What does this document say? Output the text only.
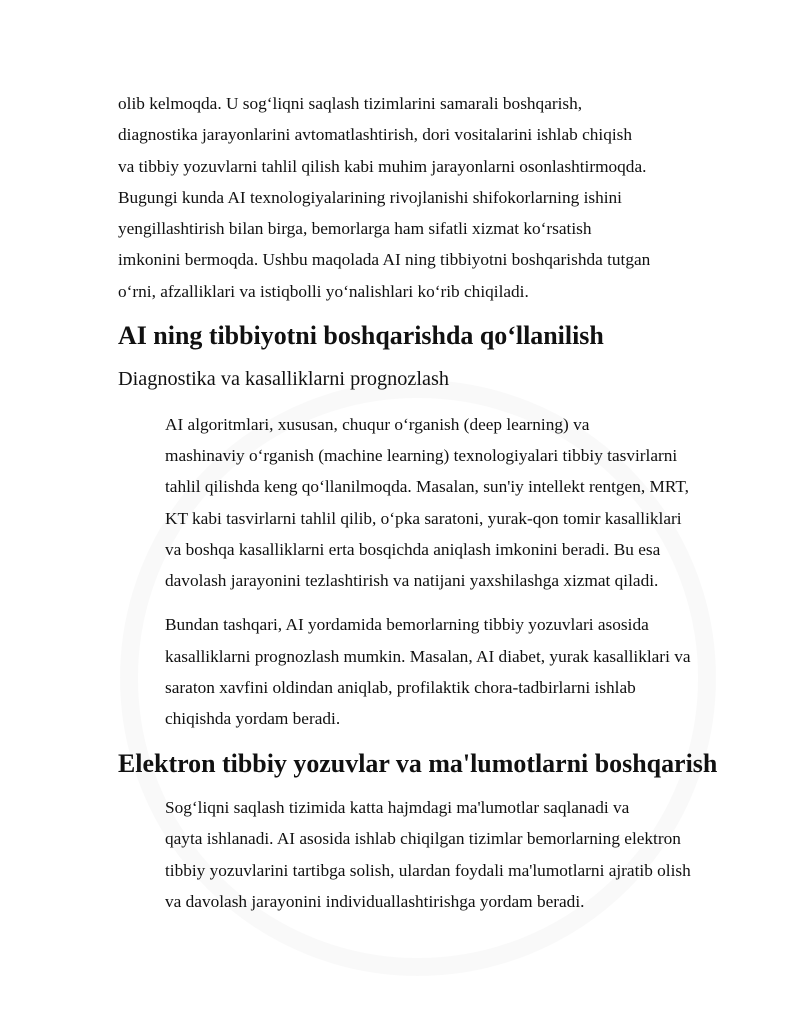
olib kelmoqda. U sog‘liqni saqlash tizimlarini samarali boshqarish,
diagnostika jarayonlarini avtomatlashtirish, dori vositalarini ishlab chiqish
va tibbiy yozuvlarni tahlil qilish kabi muhim jarayonlarni osonlashtirmoqda.
Bugungi kunda AI texnologiyalarining rivojlanishi shifokorlarning ishini
yengillashtirish bilan birga, bemorlarga ham sifatli xizmat ko‘rsatish
imkonini bermoqda. Ushbu maqolada AI ning tibbiyotni boshqarishda tutgan
o‘rni, afzalliklari va istiqbolli yo‘nalishlari ko‘rib chiqiladi.

AI ning tibbiyotni boshqarishda qo‘llanilish
Diagnostika va kasalliklarni prognozlash

AI algoritmlari, xususan, chuqur o‘rganish (deep learning) va
mashinaviy o‘rganish (machine learning) texnologiyalari tibbiy tasvirlarni
tahlil qilishda keng qo‘llanilmoqda. Masalan, sun'iy intellekt rentgen, MRT,
KT kabi tasvirlarni tahlil qilib, o‘pka saratoni, yurak-qon tomir kasalliklari
va boshqa kasalliklarni erta bosqichda aniqlash imkonini beradi. Bu esa
davolash jarayonini tezlashtirish va natijani yaxshilashga xizmat qiladi.

Bundan tashqari, AI yordamida bemorlarning tibbiy yozuvlari asosida
kasalliklarni prognozlash mumkin. Masalan, AI diabet, yurak kasalliklari va
saraton xavfini oldindan aniqlab, profilaktik chora-tadbirlarni ishlab
chiqishda yordam beradi.

Elektron tibbiy yozuvlar va ma'lumotlarni boshqarish

Sog‘liqni saqlash tizimida katta hajmdagi ma'lumotlar saqlanadi va
qayta ishlanadi. AI asosida ishlab chiqilgan tizimlar bemorlarning elektron
tibbiy yozuvlarini tartibga solish, ulardan foydali ma'lumotlarni ajratib olish
va davolash jarayonini individuallashtirishga yordam beradi.
